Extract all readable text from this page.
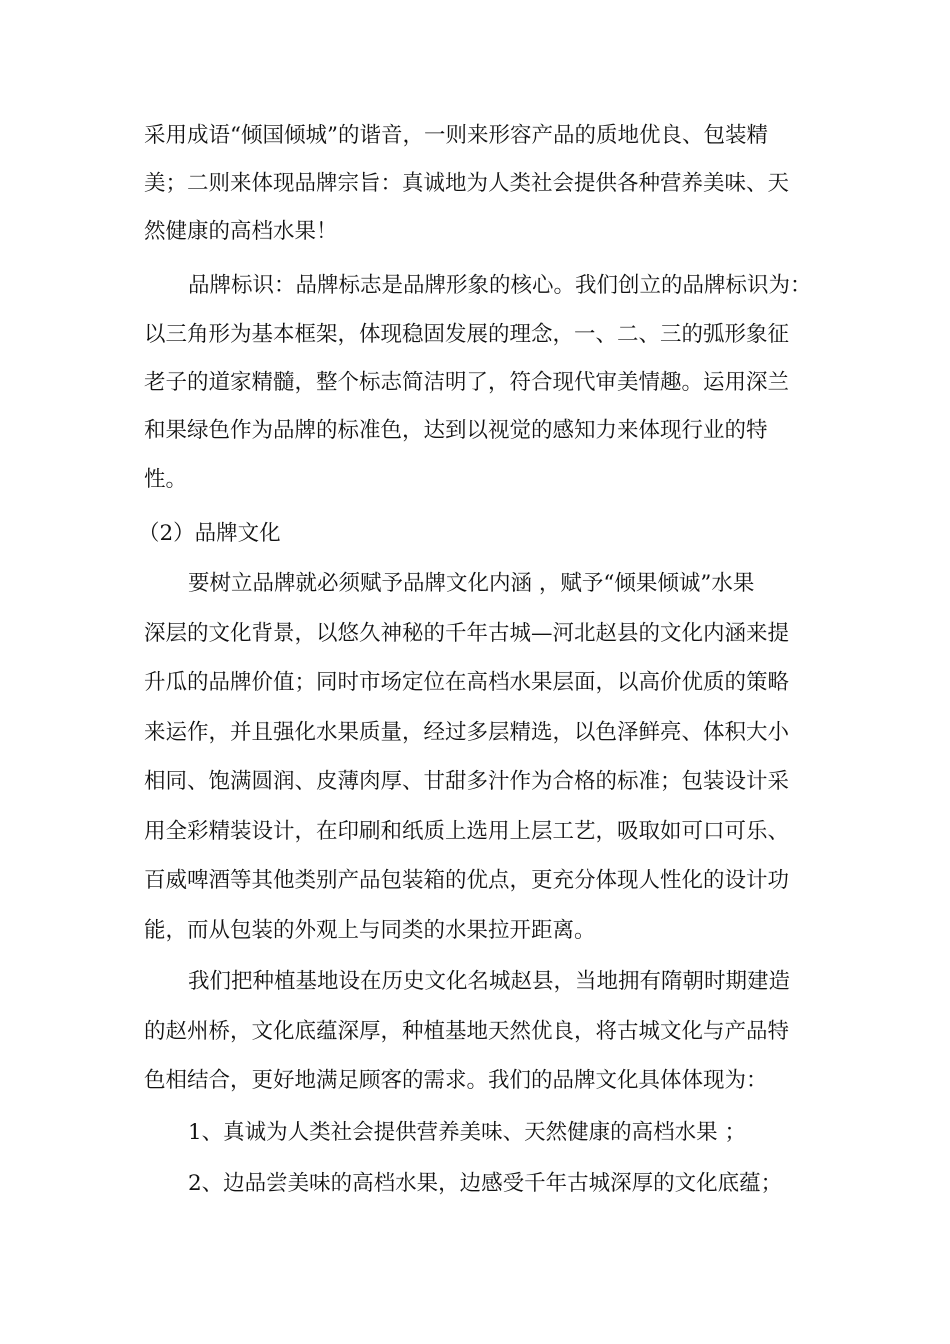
采用成语“倾国倾城”的谐音，一则来形容产品的质地优良、包装精
美；二则来体现品牌宗旨：真诚地为人类社会提供各种营养美味、天
然健康的高档水果！
品牌标识：品牌标志是品牌形象的核心。我们创立的品牌标识为：
以三角形为基本框架，体现稳固发展的理念，一、二、三的弧形象征
老子的道家精髓，整个标志简洁明了，符合现代审美情趣。运用深兰
和果绿色作为品牌的标准色，达到以视觉的感知力来体现行业的特
性。
（2）品牌文化
要树立品牌就必须赋予品牌文化内涵 ，赋予“倾果倾诚”水果
深层的文化背景，以悠久神秘的千年古城—河北赵县的文化内涵来提
升瓜的品牌价值；同时市场定位在高档水果层面，以高价优质的策略
来运作，并且强化水果质量，经过多层精选，以色泽鲜亮、体积大小
相同、饱满圆润、皮薄肉厚、甘甜多汁作为合格的标准；包装设计采
用全彩精装设计，在印刷和纸质上选用上层工艺，吸取如可口可乐、
百威啤酒等其他类别产品包装箱的优点，更充分体现人性化的设计功
能，而从包装的外观上与同类的水果拉开距离。
我们把种植基地设在历史文化名城赵县，当地拥有隋朝时期建造
的赵州桥，文化底蕴深厚，种植基地天然优良，将古城文化与产品特
色相结合，更好地满足顾客的需求。我们的品牌文化具体体现为：
1、真诚为人类社会提供营养美味、天然健康的高档水果 ；
2、边品尝美味的高档水果，边感受千年古城深厚的文化底蕴；
